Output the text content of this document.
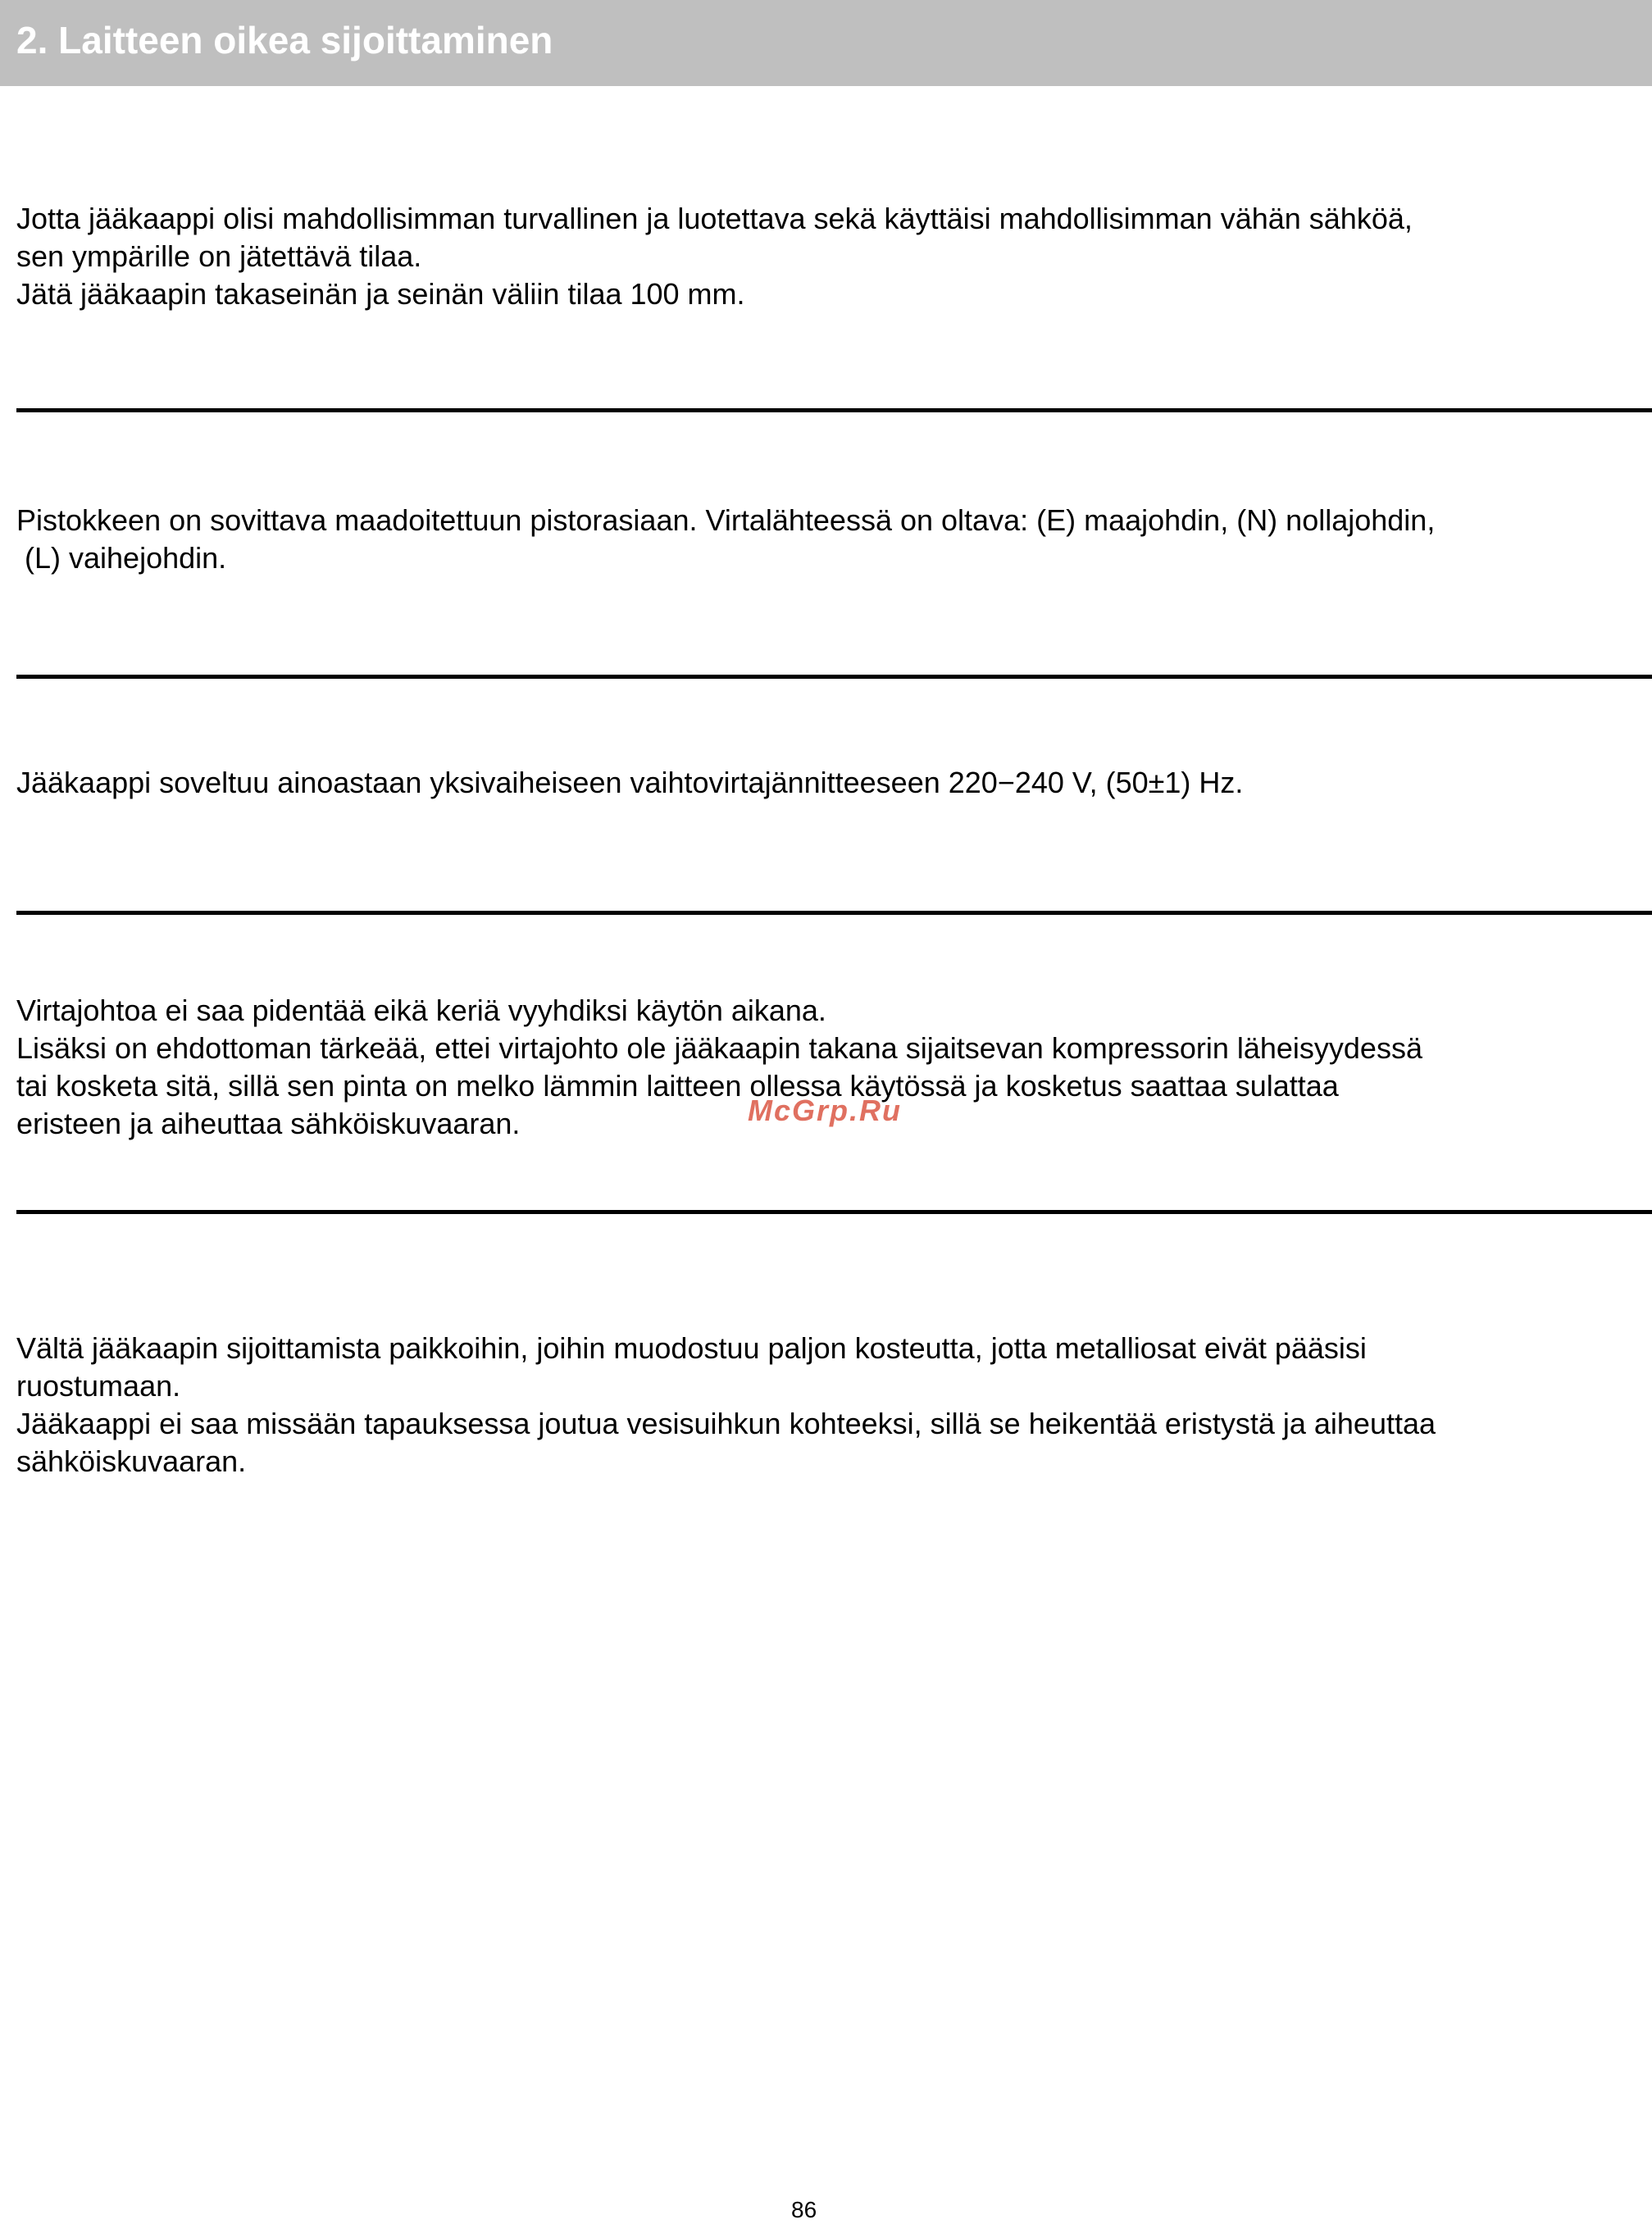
2. Laitteen oikea sijoittaminen
Jotta jääkaappi olisi mahdollisimman turvallinen ja luotettava sekä käyttäisi mahdollisimman vähän sähköä,
sen ympärille on jätettävä tilaa.
Jätä jääkaapin takaseinän ja seinän väliin tilaa 100 mm.
Pistokkeen on sovittava maadoitettuun pistorasiaan. Virtalähteessä on oltava: (E) maajohdin, (N) nollajohdin,
(L) vaihejohdin.
Jääkaappi soveltuu ainoastaan yksivaiheiseen vaihtovirtajännitteeseen 220−240 V, (50±1) Hz.
Virtajohtoa ei saa pidentää eikä keriä vyyhdiksi käytön aikana.
Lisäksi on ehdottoman tärkeää, ettei virtajohto ole jääkaapin takana sijaitsevan kompressorin läheisyydessä
tai kosketa sitä, sillä sen pinta on melko lämmin laitteen ollessa käytössä ja kosketus saattaa sulattaa
eristeen ja aiheuttaa sähköiskuvaaran.	McGrp.Ru
Vältä jääkaapin sijoittamista paikkoihin, joihin muodostuu paljon kosteutta, jotta metalliosat eivät pääsisi
ruostumaan.
Jääkaappi ei saa missään tapauksessa joutua vesisuihkun kohteeksi, sillä se heikentää eristystä ja aiheuttaa
sähköiskuvaaran.
86
